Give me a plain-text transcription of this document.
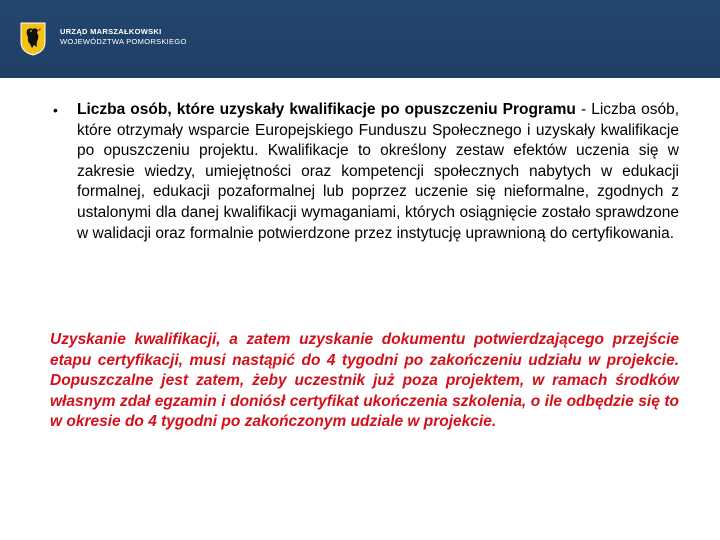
URZĄD MARSZAŁKOWSKI
WOJEWÓDZTWA POMORSKIEGO
• Liczba osób, które uzyskały kwalifikacje po opuszczeniu Programu - Liczba osób, które otrzymały wsparcie Europejskiego Funduszu Społecznego i uzyskały kwalifikacje po opuszczeniu projektu. Kwalifikacje to określony zestaw efektów uczenia się w zakresie wiedzy, umiejętności oraz kompetencji społecznych nabytych w edukacji formalnej, edukacji pozaformalnej lub poprzez uczenie się nieformalne, zgodnych z ustalonymi dla danej kwalifikacji wymaganiami, których osiągnięcie zostało sprawdzone w walidacji oraz formalnie potwierdzone przez instytucję uprawnioną do certyfikowania.
Uzyskanie kwalifikacji, a zatem uzyskanie dokumentu potwierdzającego przejście etapu certyfikacji, musi nastąpić do 4 tygodni po zakończeniu udziału w projekcie. Dopuszczalne jest zatem, żeby uczestnik już poza projektem, w ramach środków własnym zdał egzamin i doniósł certyfikat ukończenia szkolenia, o ile odbędzie się to w okresie do 4 tygodni po zakończonym udziale w projekcie.
